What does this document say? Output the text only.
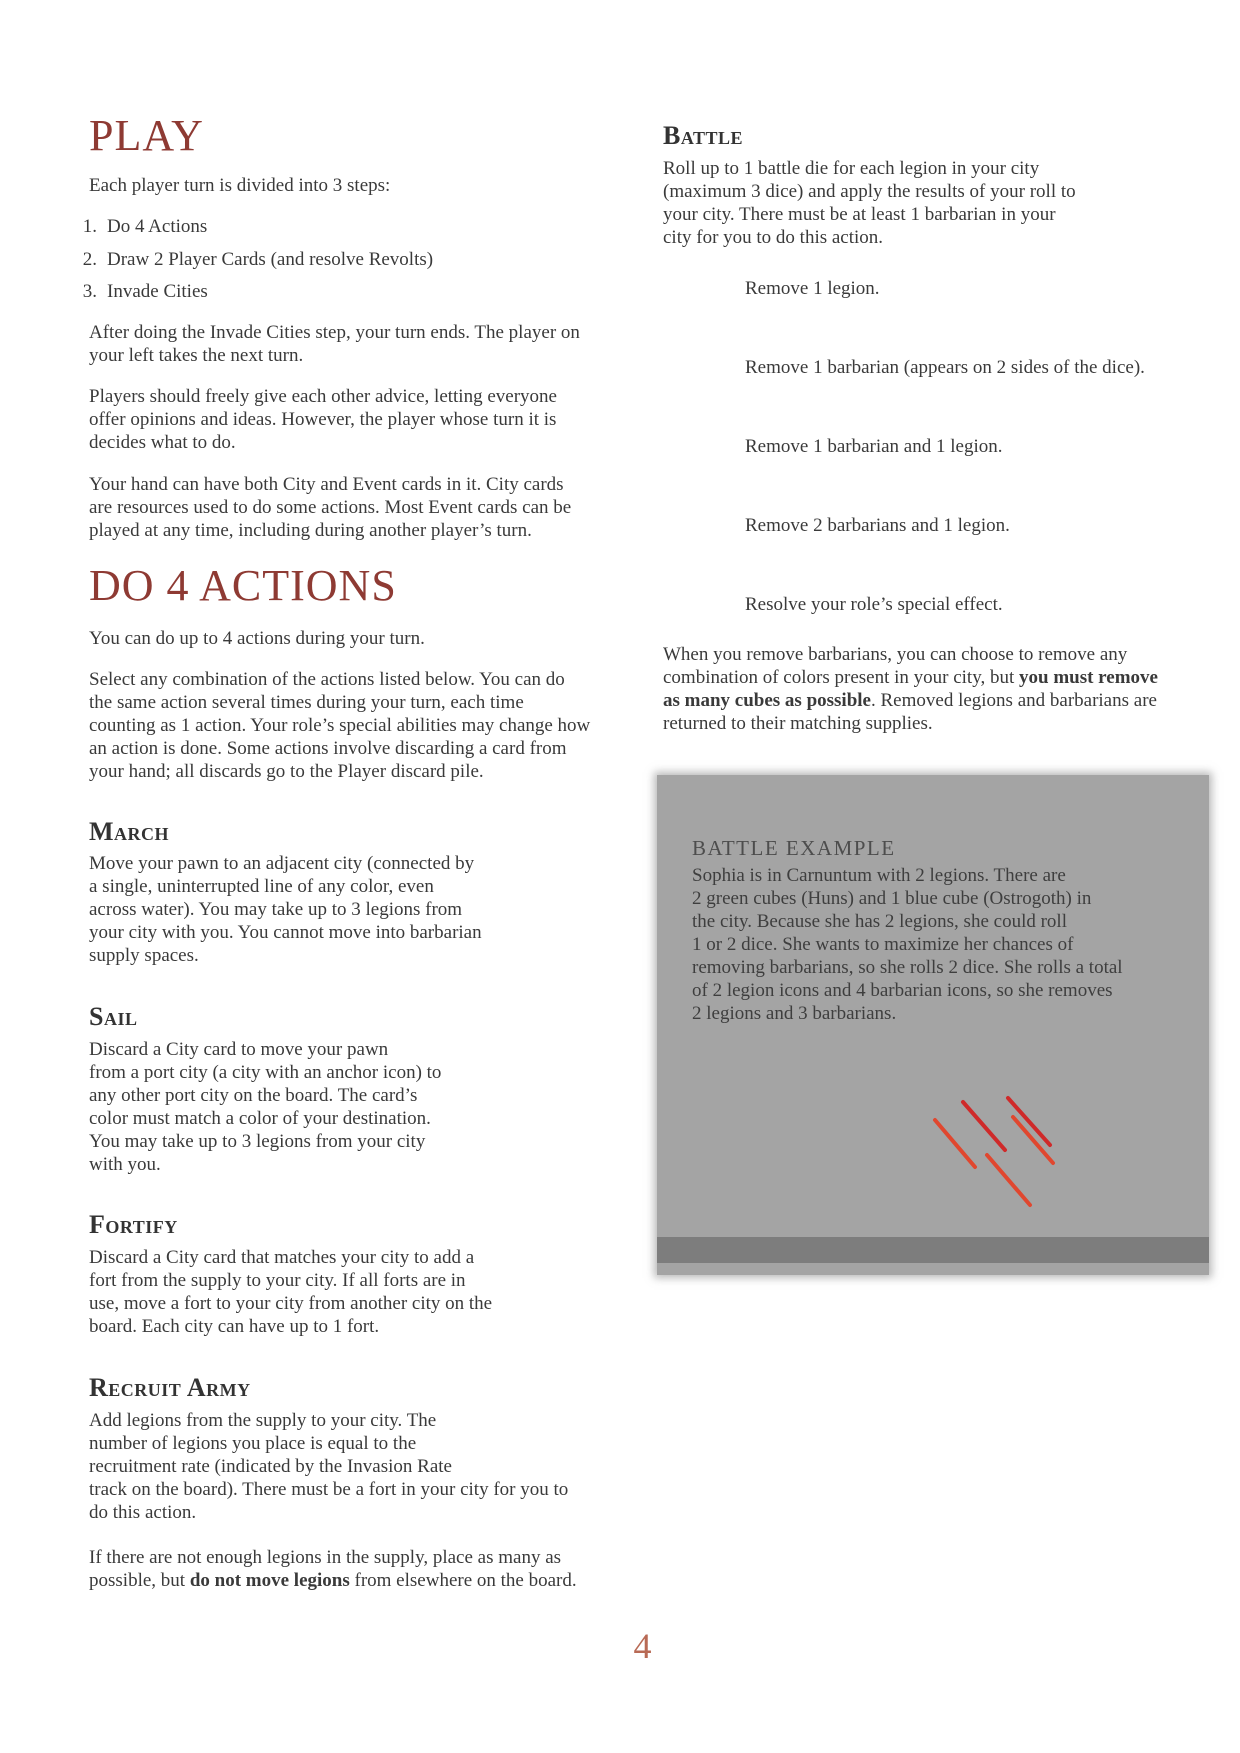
PLAY

Each player turn is divided into 3 steps:

1. Do 4 Actions
2. Draw 2 Player Cards (and resolve Revolts)
3. Invade Cities

After doing the Invade Cities step, your turn ends. The player on

your left takes the next turn.

Players should freely give each other advice, letting everyone

offer opinions and ideas. However, the player whose turn it is

decides what to do.

Your hand can have both City and Event cards in it. City cards

are resources used to do some actions. Most Event cards can be

played at any time, including during another player’s turn.

DO 4 ACTIONS

You can do up to 4 actions during your turn.

Select any combination of the actions listed below. You can do

the same action several times during your turn, each time

counting as 1 action. Your role’s special abilities may change how

an action is done. Some actions involve discarding a card from

your hand; all discards go to the Player discard pile.

March

Move your pawn to an adjacent city (connected by

a single, uninterrupted line of any color, even

across water). You may take up to 3 legions from

your city with you. You cannot move into barbarian

supply spaces.

Sail

Discard a City card to move your pawn

from a port city (a city with an anchor icon) to

any other port city on the board. The card’s

color must match a color of your destination.

You may take up to 3 legions from your city

with you.

Fortify

Discard a City card that matches your city to add a

fort from the supply to your city. If all forts are in

use, move a fort to your city from another city on the

board. Each city can have up to 1 fort.

Recruit Army

Add legions from the supply to your city. The

number of legions you place is equal to the

recruitment rate (indicated by the Invasion Rate

track on the board). There must be a fort in your city for you to

do this action.

If there are not enough legions in the supply, place as many as

possible, but do not move legions from elsewhere on the board.

Battle

Roll up to 1 battle die for each legion in your city

(maximum 3 dice) and apply the results of your roll to

your city. There must be at least 1 barbarian in your

city for you to do this action.

Remove 1 legion.

Remove 1 barbarian (appears on 2 sides of the dice).

Remove 1 barbarian and 1 legion.

Remove 2 barbarians and 1 legion.

Resolve your role’s special effect.

When you remove barbarians, you can choose to remove any

combination of colors present in your city, but you must remove

as many cubes as possible. Removed legions and barbarians are

returned to their matching supplies.

BATTLE EXAMPLE

Sophia is in Carnuntum with 2 legions. There are

2 green cubes (Huns) and 1 blue cube (Ostrogoth) in

the city. Because she has 2 legions, she could roll

1 or 2 dice. She wants to maximize her chances of

removing barbarians, so she rolls 2 dice. She rolls a total

of 2 legion icons and 4 barbarian icons, so she removes

2 legions and 3 barbarians.

4
